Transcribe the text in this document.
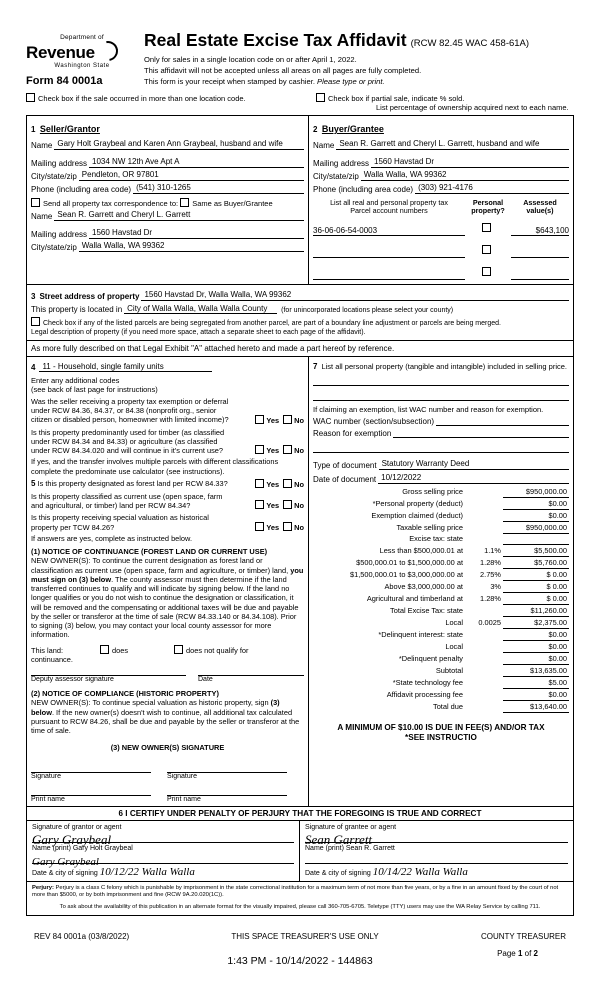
Department of
Revenue
Washington State
Form 84 0001a
Real Estate Excise Tax Affidavit (RCW 82.45 WAC 458-61A)
Only for sales in a single location code on or after April 1, 2022.
This affidavit will not be accepted unless all areas on all pages are fully completed.
This form is your receipt when stamped by cashier. Please type or print.
Check box if the sale occurred in more than one location code.	Check box if partial sale, indicate % sold.
List percentage of ownership acquired next to each name.
1 Seller/Grantor
Name Gary Holt Graybeal and Karen Ann Graybeal, husband and wife
Mailing address 1034 NW 12th Ave Apt A
City/state/zip Pendleton, OR 97801
Phone (including area code) (541) 310-1265
Send all property tax correspondence to: Same as Buyer/Grantee
Name Sean R. Garrett and Cheryl L. Garrett
Mailing address 1560 Havstad Dr
City/state/zip Walla Walla, WA 99362
2 Buyer/Grantee
Name Sean R. Garrett and Cheryl L. Garrett, husband and wife
Mailing address 1560 Havstad Dr
City/state/zip Walla Walla, WA 99362
Phone (including area code) (303) 921-4176
List all real and personal property tax
Parcel account numbers
Personal
property?
Assessed
value(s)
36-06-06-54-0003	$643,100
3 Street address of property 1560 Havstad Dr, Walla Walla, WA 99362
This property is located in City of Walla Walla, Walla Walla County	(for unincorporated locations please select your county)
Check box if any of the listed parcels are being segregated from another parcel, are part of a boundary line adjustment or parcels are being merged.
Legal description of property (if you need more space, attach a separate sheet to each page of the affidavit).
As more fully described on that Legal Exhibit "A" attached hereto and made a part hereof by reference.
4 11 - Household, single family units
Enter any additional codes
(see back of last page for instructions)
Was the seller receiving a property tax exemption or deferral under RCW 84.36, 84.37, or 84.38 (nonprofit org., senior citizen or disabled person, homeowner with limited income)?	Yes No
Is this property predominantly used for timber (as classified under RCW 84.34 and 84.33) or agriculture (as classified under RCW 84.34.020 and will continue in it's current use?	Yes No
If yes, and the transfer involves multiple parcels with different classifications complete the predominate use calculator (see instructions).
5 Is this property designated as forest land per RCW 84.33?	Yes No
Is this property classified as current use (open space, farm and agricultural, or timber) land per RCW 84.34?	Yes No
Is this property receiving special valuation as historical property per TCW 84.26?	Yes No
If answers are yes, complete as instructed below.
(1) NOTICE OF CONTINUANCE (FOREST LAND OR CURRENT USE)
NEW OWNER(S): To continue the current designation as forest land or classification as current use (open space, farm and agriculture, or timber) land, you must sign on (3) below. The county assessor must then determine if the land transferred continues to qualify and will indicate by signing below. If the land no longer qualifies or you do not wish to continue the designation or classification, it will be removed and the compensating or additional taxes will be due and payable by the seller or transferor at the time of sale (RCW 84.33.140 or 84.34.108). Prior to signing (3) below, you may contact your local county assessor for more information.
This land:	does	does not qualify for
continuance.
Deputy assessor signature	Date
(2) NOTICE OF COMPLIANCE (HISTORIC PROPERTY)
NEW OWNER(S): To continue special valuation as historic property, sign (3) below. If the new owner(s) doesn't wish to continue, all additional tax calculated pursuant to RCW 84.26, shall be due and payable by the seller or transferor at the time of sale.
(3) NEW OWNER(S) SIGNATURE
Signature	Signature
Print name	Print name
7 List all personal property (tangible and intangible) included in selling price.
If claiming an exemption, list WAC number and reason for exemption.
WAC number (section/subsection)
Reason for exemption
Type of document Statutory Warranty Deed
Date of document 10/12/2022
Gross selling price		$950,000.00
*Personal property (deduct)		$0.00
Exemption claimed (deduct)		$0.00
Taxable selling price		$950,000.00
Excise tax: state		
Less than $500,000.01 at	1.1%	$5,500.00
$500,000.01 to $1,500,000.00 at	1.28%	$5,760.00
$1,500,000.01 to $3,000,000.00 at	2.75%	$ 0.00
Above $3,000,000.00 at	3%	$ 0.00
Agricultural and timberland at	1.28%	$ 0.00
Total Excise Tax: state		$11,260.00
Local	0.0025	$2,375.00
*Delinquent interest: state		$0.00
Local		$0.00
*Delinquent penalty		$0.00
Subtotal		$13,635.00
*State technology fee		$5.00
Affidavit processing fee		$0.00
Total due		$13,640.00
A MINIMUM OF $10.00 IS DUE IN FEE(S) AND/OR TAX
*SEE INSTRUCTIO
6 I CERTIFY UNDER PENALTY OF PERJURY THAT THE FOREGOING IS TRUE AND CORRECT
Signature of grantor or agent
Gary Graybeal
Name (print) Gary Holt Graybeal
Gary Graybeal
Date & city of signing 10/12/22 Walla Walla
Signature of grantee or agent
Sean Garrett
Name (print) Sean R. Garrett
Date & city of signing 10/14/22 Walla Walla
Perjury: Perjury is a class C felony which is punishable by imprisonment in the state correctional institution for a maximum term of not more than five years, or by a fine in an amount fixed by the court of not more than $5000, or by both imprisonment and fine (RCW 9A.20.020(1C)).
To ask about the availability of this publication in an alternate format for the visually impaired, please call 360-705-6705. Teletype (TTY) users may use the WA Relay Service by calling 711.
REV 84 0001a (03/8/2022)	THIS SPACE TREASURER'S USE ONLY	COUNTY TREASURER
Page 1 of 2
1:43 PM - 10/14/2022 - 144863
